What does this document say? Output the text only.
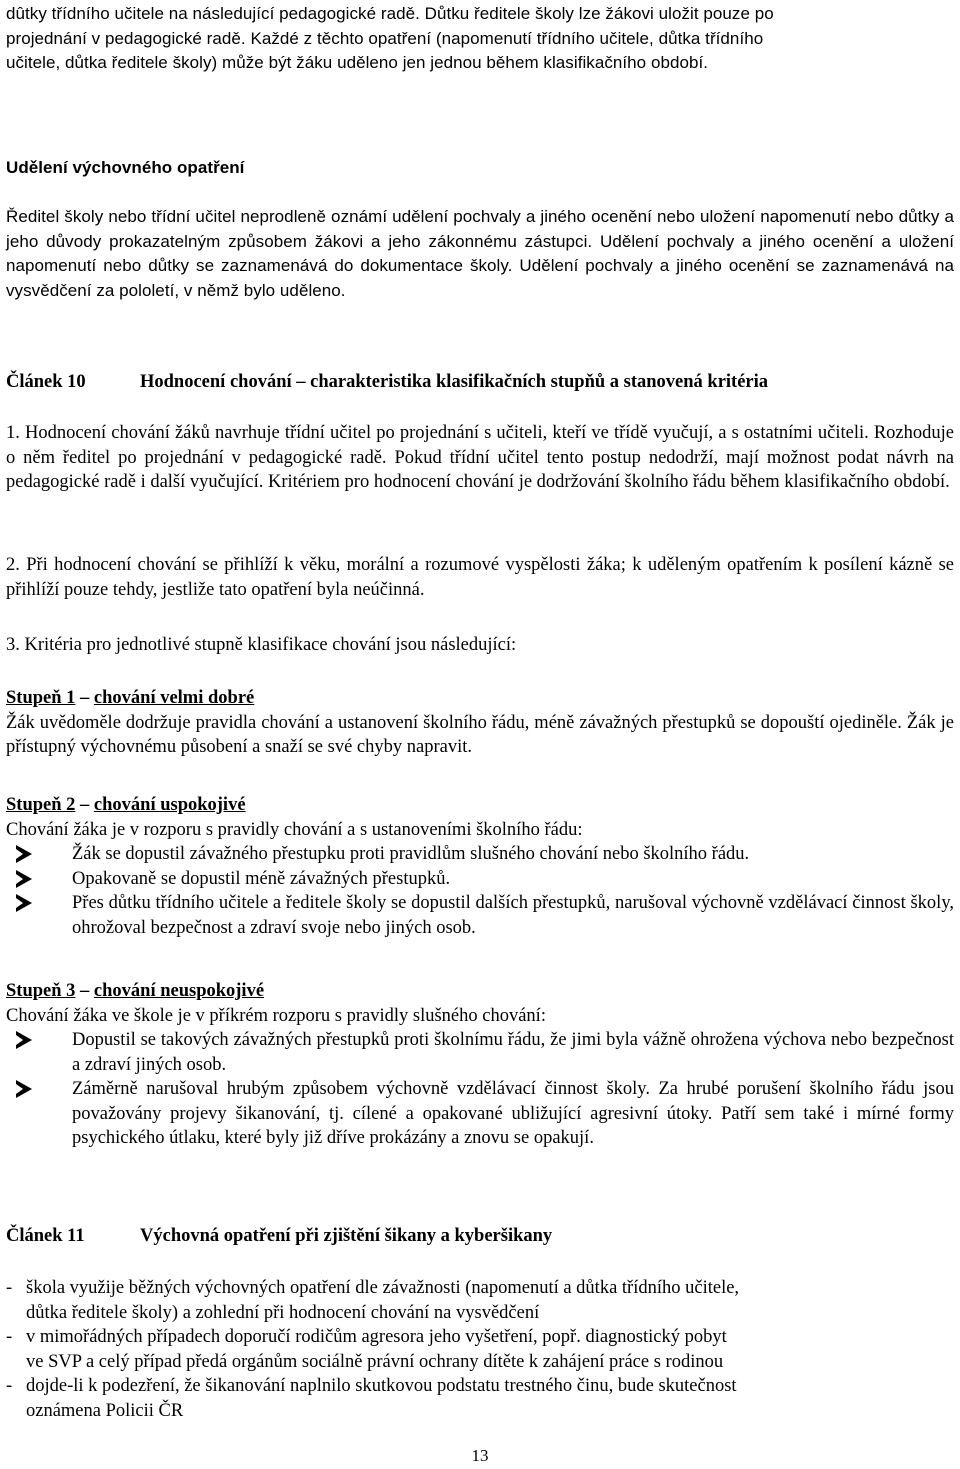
dûtky třídního učitele na následující pedagogické radě. Důtku ředitele školy lze žákovi uložit pouze po
projednání v pedagogické radě. Každé z těchto opatření (napomenutí třídního učitele, důtka třídního
učitele, důtka ředitele školy) může být žáku uděleno jen jednou během klasifikačního období.
Udělení výchovného opatření

Ředitel školy nebo třídní učitel neprodleně oznámí udělení pochvaly a jiného ocenění nebo uložení napomenutí nebo důtky a jeho důvody prokazatelným způsobem žákovi a jeho zákonnému zástupci. Udělení pochvaly a jiného ocenění a uložení napomenutí nebo důtky se zaznamenává do dokumentace školy. Udělení pochvaly a jiného ocenění se zaznamenává na vysvědčení za pololetí, v němž bylo uděleno.

Článek 10	Hodnocení chování – charakteristika klasifikačních stupňů a stanovená kritéria

1. Hodnocení chování žáků navrhuje třídní učitel po projednání s učiteli, kteří ve třídě vyučují, a s ostatními učiteli. Rozhoduje o něm ředitel po projednání v pedagogické radě. Pokud třídní učitel tento postup nedodrží, mají možnost podat návrh na pedagogické radě i další vyučující. Kritériem pro hodnocení chování je dodržování školního řádu během klasifikačního období.

2. Při hodnocení chování se přihlíží k věku, morální a rozumové vyspělosti žáka; k uděleným opatřením k posílení kázně se přihlíží pouze tehdy, jestliže tato opatření byla neúčinná.

3. Kritéria pro jednotlivé stupně klasifikace chování jsou následující:

Stupeň 1 – chování velmi dobré
Žák uvědoměle dodržuje pravidla chování a ustanovení školního řádu, méně závažných přestupků se dopouští ojediněle. Žák je přístupný výchovnému působení a snaží se své chyby napravit.
Stupeň 2 – chování uspokojivé
Chování žáka je v rozporu s pravidly chování a s ustanoveními školního řádu:
Žák se dopustil závažného přestupku proti pravidlům slušného chování nebo školního řádu.
Opakovaně se dopustil méně závažných přestupků.
Přes důtku třídního učitele a ředitele školy se dopustil dalších přestupků, narušoval výchovně vzdělávací činnost školy, ohrožoval bezpečnost a zdraví svoje nebo jiných osob.
Stupeň 3 – chování neuspokojivé
Chování žáka ve škole je v příkrém rozporu s pravidly slušného chování:
Dopustil se takových závažných přestupků proti školnímu řádu, že jimi byla vážně ohrožena výchova nebo bezpečnost a zdraví jiných osob.
Záměrně narušoval hrubým způsobem výchovně vzdělávací činnost školy. Za hrubé porušení školního řádu jsou považovány projevy šikanování, tj. cílené a opakované ubližující agresivní útoky. Patří sem také i mírné formy psychického útlaku, které byly již dříve prokázány a znovu se opakují.
Článek 11	Výchovná opatření při zjištění šikany a kyberšikany
- škola využije běžných výchovných opatření dle závažnosti (napomenutí a důtka třídního učitele,
důtka ředitele školy) a zohlední při hodnocení chování na vysvědčení
- v mimořádných případech doporučí rodičům agresora jeho vyšetření, popř. diagnostický pobyt
ve SVP a celý případ předá orgánům sociálně právní ochrany dítěte k zahájení práce s rodinou
- dojde-li k podezření, že šikanování naplnilo skutkovou podstatu trestného činu, bude skutečnost
oznámena Policii ČR
13
